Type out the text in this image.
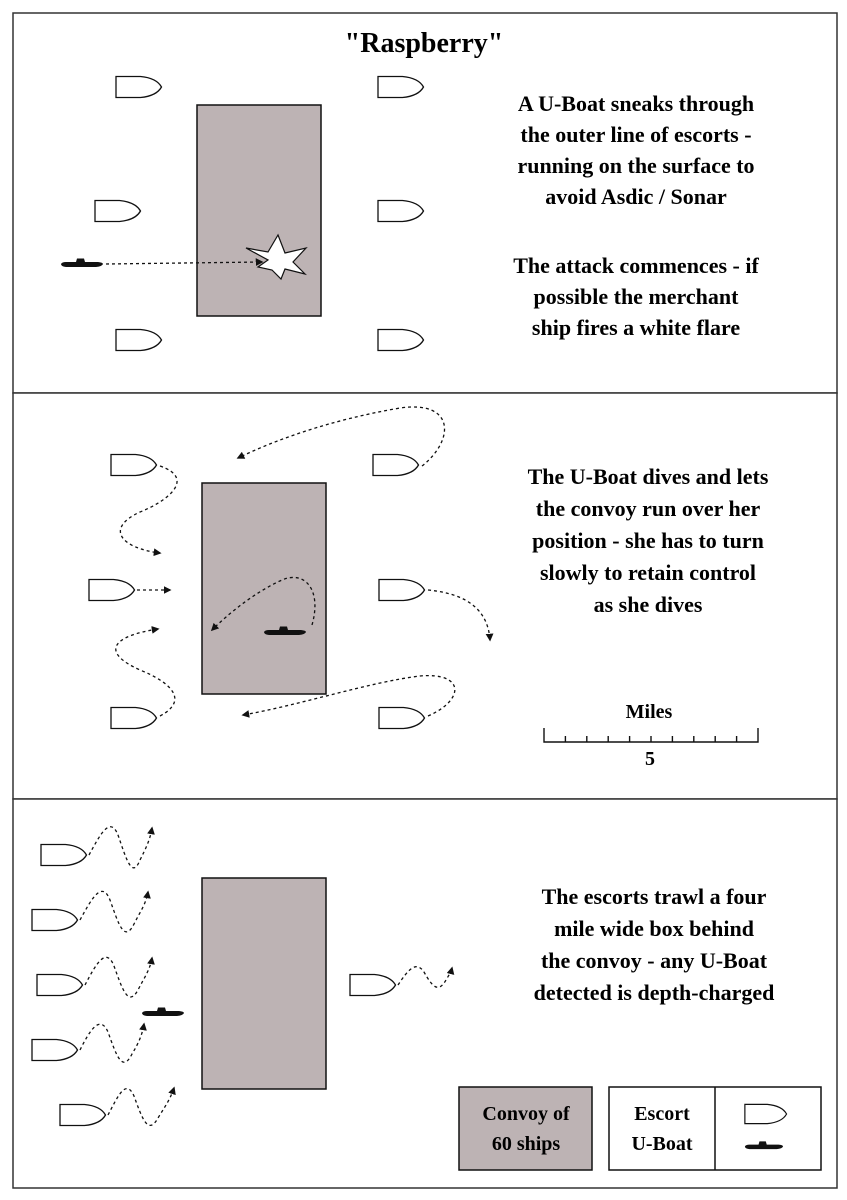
"Raspberry"
A U-Boat sneaks through
the outer line of escorts -
running on the surface to
avoid Asdic / Sonar
The attack commences - if
possible the merchant
ship fires a white flare
The U-Boat dives and lets
the convoy run over her
position - she has to turn
slowly to retain control
as she dives
Miles
5
The escorts trawl a four
mile wide box behind
the convoy - any U-Boat
detected is depth-charged
Convoy of
60 ships
Escort
U-Boat
